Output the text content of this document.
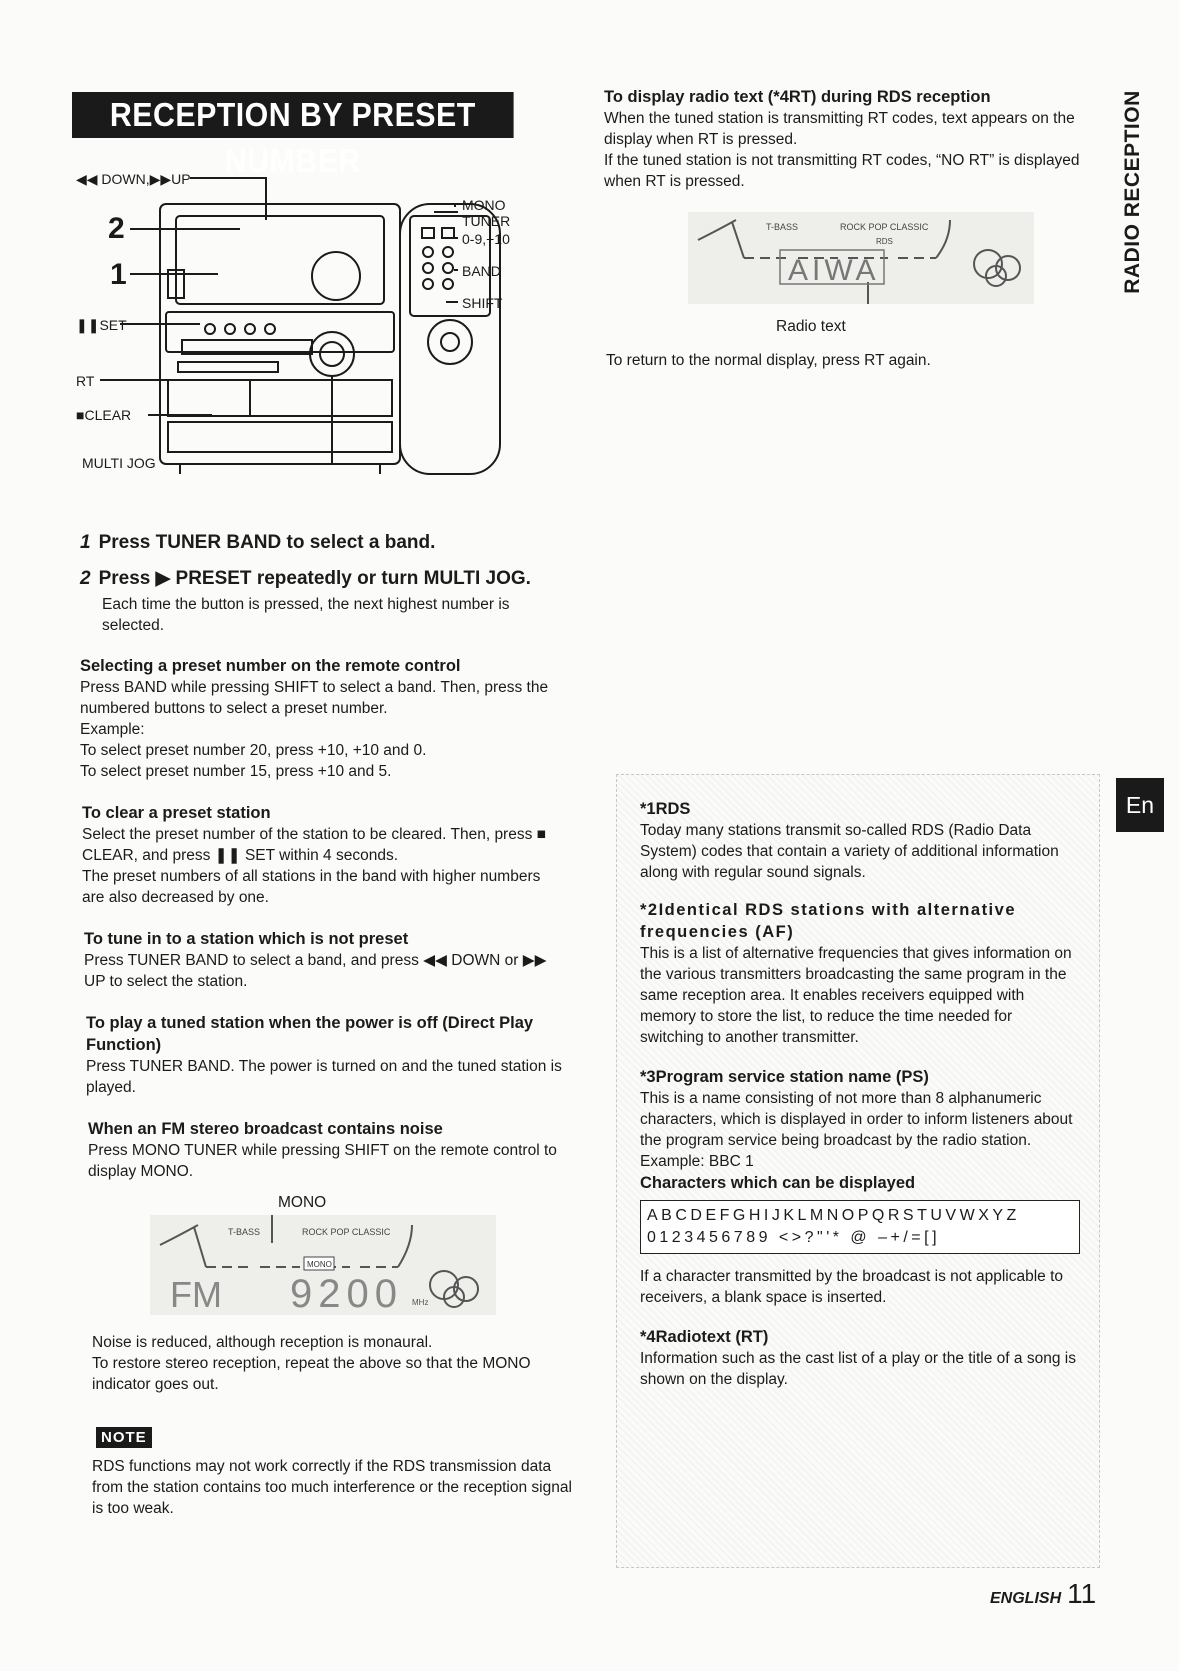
RECEPTION BY PRESET NUMBER	RADIO RECEPTION
En
◀◀ DOWN,▶▶UP
2
1
❚❚SET
RT
■CLEAR
MULTI JOG
MONO
TUNER
0-9,+10
BAND
SHIFT
1 Press TUNER BAND to select a band.
2 Press ▶ PRESET repeatedly or turn MULTI JOG.

Each time the button is pressed, the next highest number is selected.

Selecting a preset number on the remote control

Press BAND while pressing SHIFT to select a band. Then, press the numbered buttons to select a preset number.

Example:

To select preset number 20, press +10, +10 and 0.

To select preset number 15, press +10 and 5.

To clear a preset station

Select the preset number of the station to be cleared. Then, press ■ CLEAR, and press ❚❚ SET within 4 seconds.

The preset numbers of all stations in the band with higher numbers are also decreased by one.

To tune in to a station which is not preset

Press TUNER BAND to select a band, and press ◀◀ DOWN or ▶▶ UP to select the station.

To play a tuned station when the power is off (Direct Play Function)

Press TUNER BAND. The power is turned on and the tuned station is played.

When an FM stereo broadcast contains noise

Press MONO TUNER while pressing SHIFT on the remote control to display MONO.

MONO
T-BASS	ROCK POP CLASSIC
MONO
FM 9200 MHz

Noise is reduced, although reception is monaural.

To restore stereo reception, repeat the above so that the MONO indicator goes out.

NOTE

RDS functions may not work correctly if the RDS transmission data from the station contains too much interference or the reception signal is too weak.

To display radio text (*4RT) during RDS reception

When the tuned station is transmitting RT codes, text appears on the display when RT is pressed.

If the tuned station is not transmitting RT codes, “NO RT” is displayed when RT is pressed.

T-BASS	ROCK POP CLASSIC
RDS
AIWA
Radio text

To return to the normal display, press RT again.

*1RDS

Today many stations transmit so-called RDS (Radio Data System) codes that contain a variety of additional information along with regular sound signals.

*2Identical RDS stations with alternative frequencies (AF)

This is a list of alternative frequencies that gives information on the various transmitters broadcasting the same program in the same reception area. It enables receivers equipped with memory to store the list, to reduce the time needed for switching to another transmitter.

*3Program service station name (PS)

This is a name consisting of not more than 8 alphanumeric characters, which is displayed in order to inform listeners about the program service being broadcast by the radio station.

Example: BBC 1

Characters which can be displayed
ABCDEFGHIJKLMNOPQRSTUVWXYZ
0123456789 <>?"'* @ –+/=[]

If a character transmitted by the broadcast is not applicable to receivers, a blank space is inserted.

*4Radiotext (RT)

Information such as the cast list of a play or the title of a song is shown on the display.

ENGLISH 11
